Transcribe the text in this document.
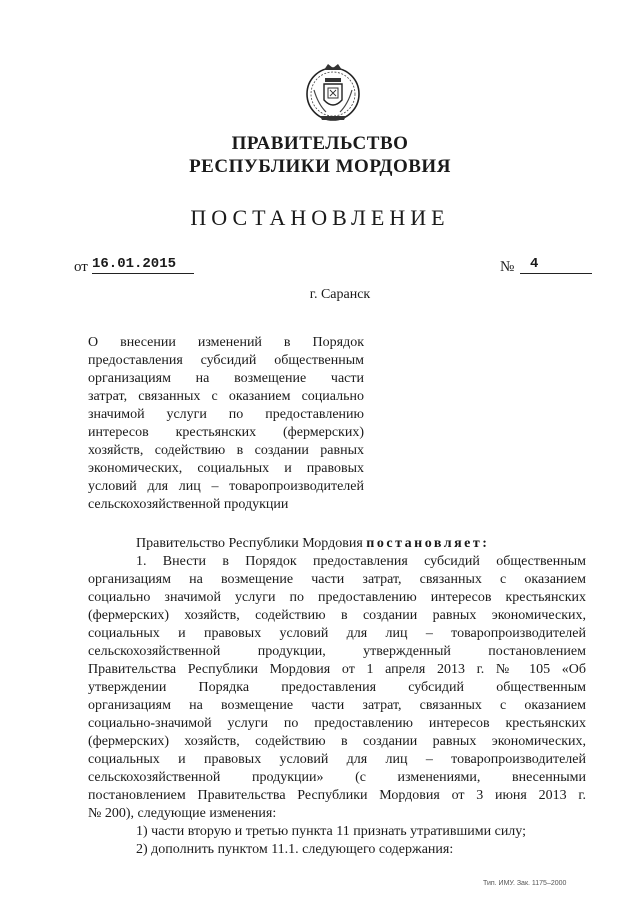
ПРАВИТЕЛЬСТВО
РЕСПУБЛИКИ МОРДОВИЯ
ПОСТАНОВЛЕНИЕ
от 16.01.2015	№	4
г. Саранск
О внесении изменений в Порядок
предоставления субсидий общественным
организациям на возмещение части
затрат, связанных с оказанием социально
значимой услуги по предоставлению
интересов крестьянских (фермерских)
хозяйств, содействию в создании равных
экономических, социальных и правовых
условий для лиц – товаропроизводителей
сельскохозяйственной продукции
Правительство Республики Мордовия постановляет:
1. Внести в Порядок предоставления субсидий общественным
организациям на возмещение части затрат, связанных с оказанием
социально значимой услуги по предоставлению интересов крестьянских
(фермерских) хозяйств, содействию в создании равных экономических,
социальных и правовых условий для лиц – товаропроизводителей
сельскохозяйственной продукции, утвержденный постановлением
Правительства Республики Мордовия от 1 апреля 2013 г. № 105 «Об
утверждении Порядка предоставления субсидий общественным
организациям на возмещение части затрат, связанных с оказанием
социально-значимой услуги по предоставлению интересов крестьянских
(фермерских) хозяйств, содействию в создании равных экономических,
социальных и правовых условий для лиц – товаропроизводителей
сельскохозяйственной продукции» (с изменениями, внесенными
постановлением Правительства Республики Мордовия от 3 июня 2013 г.
№ 200), следующие изменения:
1) части вторую и третью пункта 11 признать утратившими силу;
2) дополнить пунктом 11.1. следующего содержания:
Тип. ИМУ. Зак. 1175–2000
